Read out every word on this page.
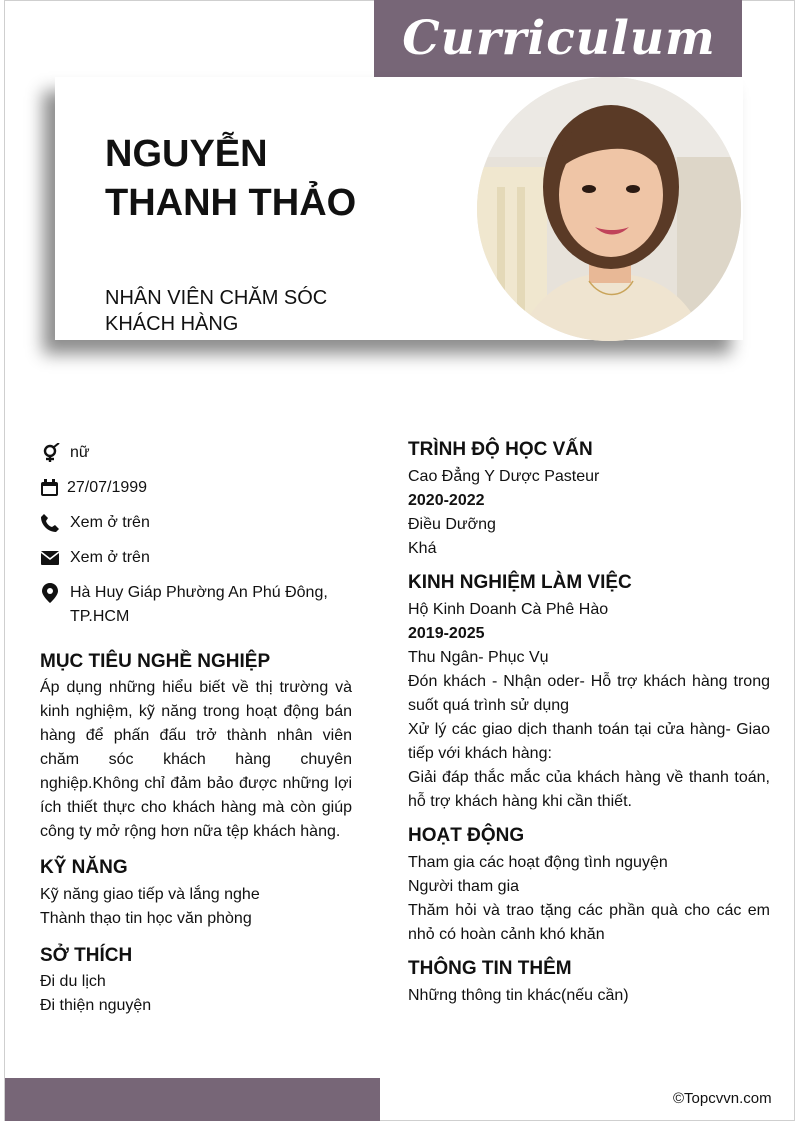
Curriculum
NGUYỄN THANH THẢO
NHÂN VIÊN CHĂM SÓC KHÁCH HÀNG
nữ
27/07/1999
Xem ở trên
Xem ở trên
Hà Huy Giáp Phường An Phú Đông, TP.HCM
MỤC TIÊU NGHỀ NGHIỆP
Áp dụng những hiểu biết về thị trường và kinh nghiệm, kỹ năng trong hoạt động bán hàng để phấn đấu trở thành nhân viên chăm sóc khách hàng chuyên nghiệp.Không chỉ đảm bảo được những lợi ích thiết thực cho khách hàng mà còn giúp công ty mở rộng hơn nữa tệp khách hàng.
KỸ NĂNG
Kỹ năng giao tiếp và lắng nghe
Thành thạo tin học văn phòng
SỞ THÍCH
Đi du lịch
Đi thiện nguyện
TRÌNH ĐỘ HỌC VẤN
Cao Đẳng Y Dược Pasteur
2020-2022
Điều Dưỡng
Khá
KINH NGHIỆM LÀM VIỆC
Hộ Kinh Doanh Cà Phê Hào
2019-2025
Thu Ngân- Phục Vụ
Đón khách - Nhận oder- Hỗ trợ khách hàng trong suốt quá trình sử dụng
Xử lý các giao dịch thanh toán tại cửa hàng- Giao tiếp với khách hàng:
Giải đáp thắc mắc của khách hàng về thanh toán, hỗ trợ khách hàng khi cần thiết.
HOẠT ĐỘNG
Tham gia các hoạt động tình nguyện
Người tham gia
Thăm hỏi và trao tặng các phần quà cho các em nhỏ có hoàn cảnh khó khăn
THÔNG TIN THÊM
Những thông tin khác(nếu cần)
©Topcvvn.com
